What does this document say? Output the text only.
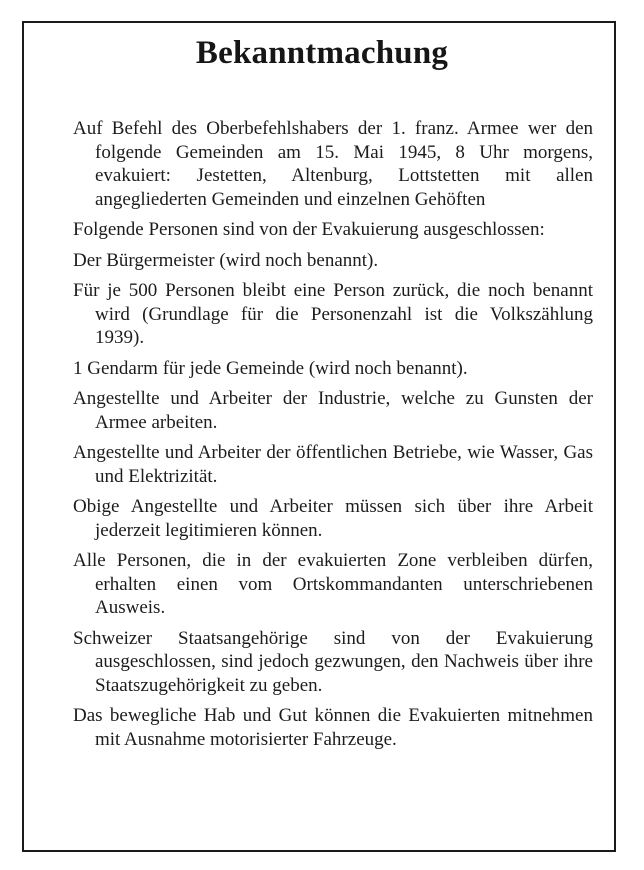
Bekanntmachung

Auf Befehl des Oberbefehlshabers der 1. franz. Armee wer den folgende Gemeinden am 15. Mai 1945, 8 Uhr morgens, evakuiert: Jestetten, Altenburg, Lottstetten mit allen angegliederten Gemeinden und einzelnen Gehöften

Folgende Personen sind von der Evakuierung ausgeschlossen:

Der Bürgermeister (wird noch benannt).

Für je 500 Personen bleibt eine Person zurück, die noch benannt wird (Grundlage für die Personenzahl ist die Volkszählung 1939).

1 Gendarm für jede Gemeinde (wird noch benannt).

Angestellte und Arbeiter der Industrie, welche zu Gunsten der Armee arbeiten.

Angestellte und Arbeiter der öffentlichen Betriebe, wie Wasser, Gas und Elektrizität.

Obige Angestellte und Arbeiter müssen sich über ihre Arbeit jederzeit legitimieren können.

Alle Personen, die in der evakuierten Zone verbleiben dürfen, erhalten einen vom Ortskommandanten unterschriebenen Ausweis.

Schweizer Staatsangehörige sind von der Evakuierung ausgeschlossen, sind jedoch gezwungen, den Nachweis über ihre Staatszugehörigkeit zu geben.

Das bewegliche Hab und Gut können die Evakuierten mitnehmen mit Ausnahme motorisierter Fahrzeuge.
